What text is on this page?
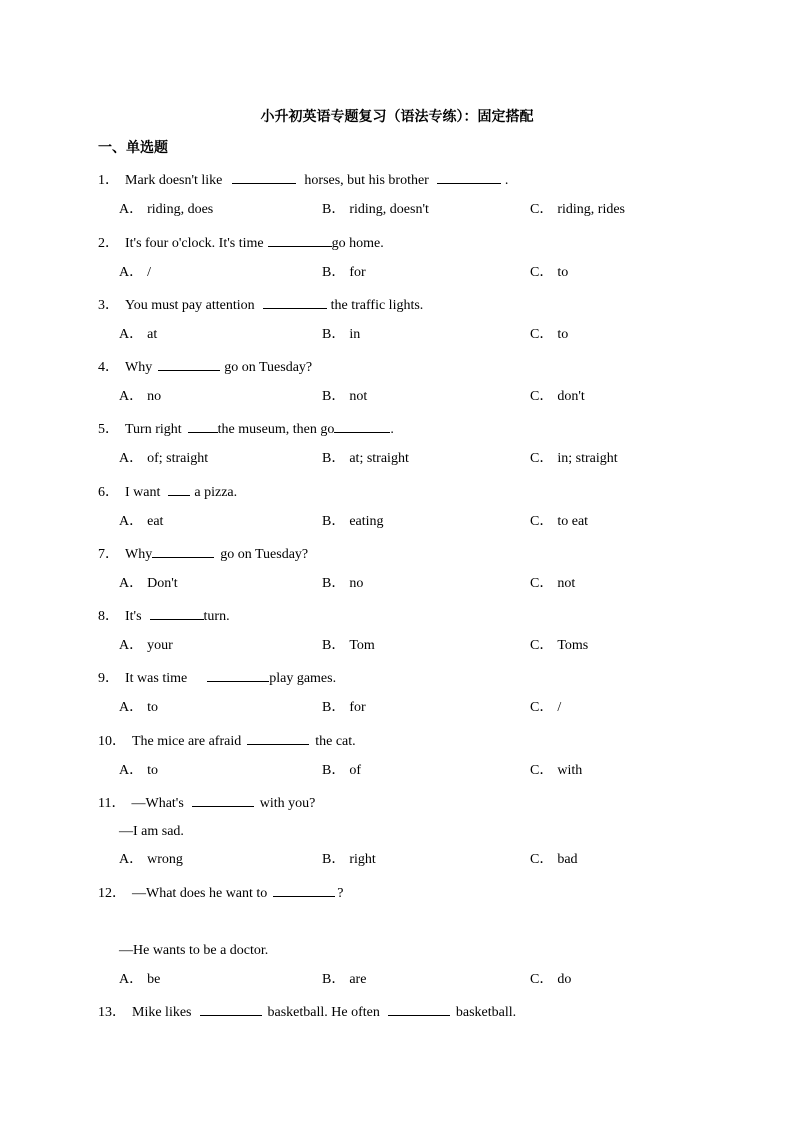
小升初英语专题复习（语法专练）：固定搭配
一、单选题
1． Mark doesn't like	horses, but his brother	.
A． riding, does	B． riding, doesn't	C． riding, rides
2． It's four o'clock. It's time	go home.
A． /	B． for	C． to
3． You must pay attention	the traffic lights.
A． at	B． in	C． to
4． Why	go on Tuesday?
A． no	B． not	C． don't
5． Turn right	the museum, then go	.
A． of; straight	B． at; straight	C． in; straight
6． I want a pizza.
A． eat	B． eating	C． to eat
7． Why	go on Tuesday?
A． Don't	B． no	C． not
8． It's	turn.
A． your	B． Tom	C． Toms
9． It was time	play games.
A． to	B． for	C． /
10． The mice are afraid	the cat.
A． to	B． of	C． with
11． —What's	with you?
—I am sad.
A． wrong	B． right	C． bad
12． —What does he want to	?
—He wants to be a doctor.
A． be	B． are	C． do
13． Mike likes	basketball. He often	basketball.
